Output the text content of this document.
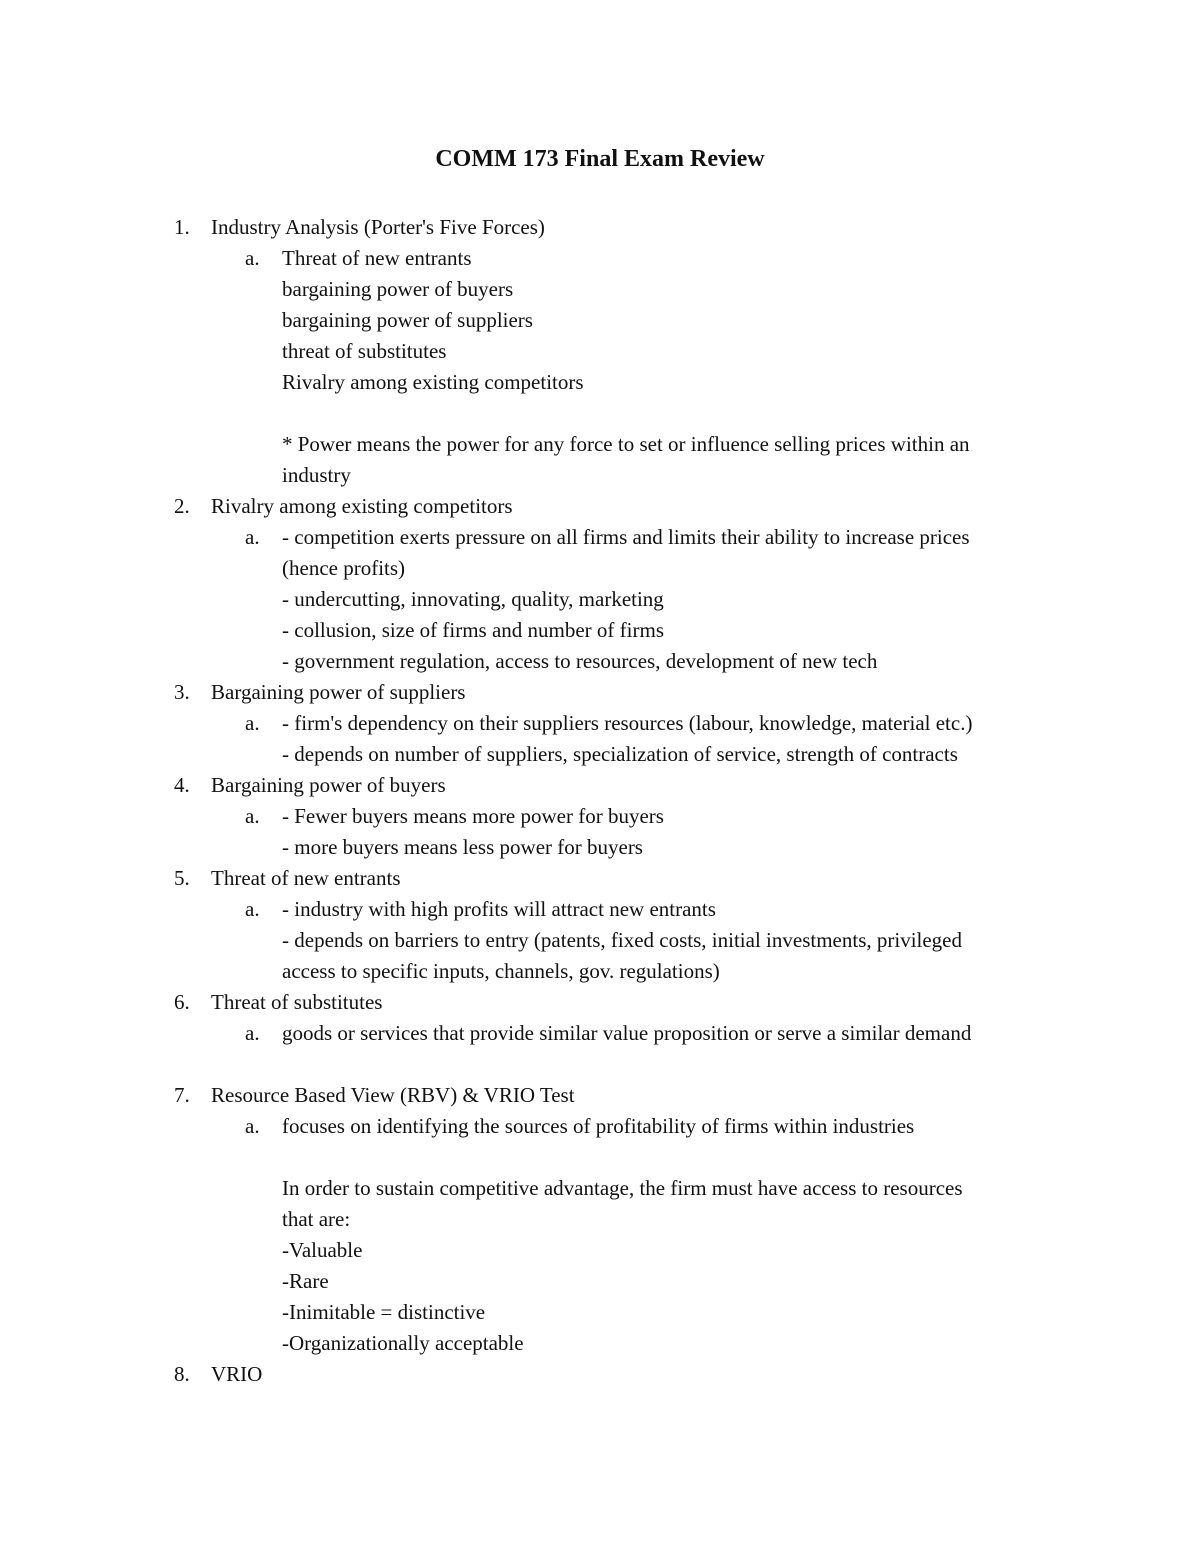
COMM 173 Final Exam Review
1. Industry Analysis (Porter's Five Forces)
a. Threat of new entrants
bargaining power of buyers
bargaining power of suppliers
threat of substitutes
Rivalry among existing competitors
* Power means the power for any force to set or influence selling prices within an
industry
2. Rivalry among existing competitors
a. - competition exerts pressure on all firms and limits their ability to increase prices
(hence profits)
- undercutting, innovating, quality, marketing
- collusion, size of firms and number of firms
- government regulation, access to resources, development of new tech
3. Bargaining power of suppliers
a. - firm's dependency on their suppliers resources (labour, knowledge, material etc.)
- depends on number of suppliers, specialization of service, strength of contracts
4. Bargaining power of buyers
a. - Fewer buyers means more power for buyers
- more buyers means less power for buyers
5. Threat of new entrants
a. - industry with high profits will attract new entrants
- depends on barriers to entry (patents, fixed costs, initial investments, privileged
access to specific inputs, channels, gov. regulations)
6. Threat of substitutes
a. goods or services that provide similar value proposition or serve a similar demand
7. Resource Based View (RBV) & VRIO Test
a. focuses on identifying the sources of profitability of firms within industries
In order to sustain competitive advantage, the firm must have access to resources
that are:
-Valuable
-Rare
-Inimitable = distinctive
-Organizationally acceptable
8. VRIO
